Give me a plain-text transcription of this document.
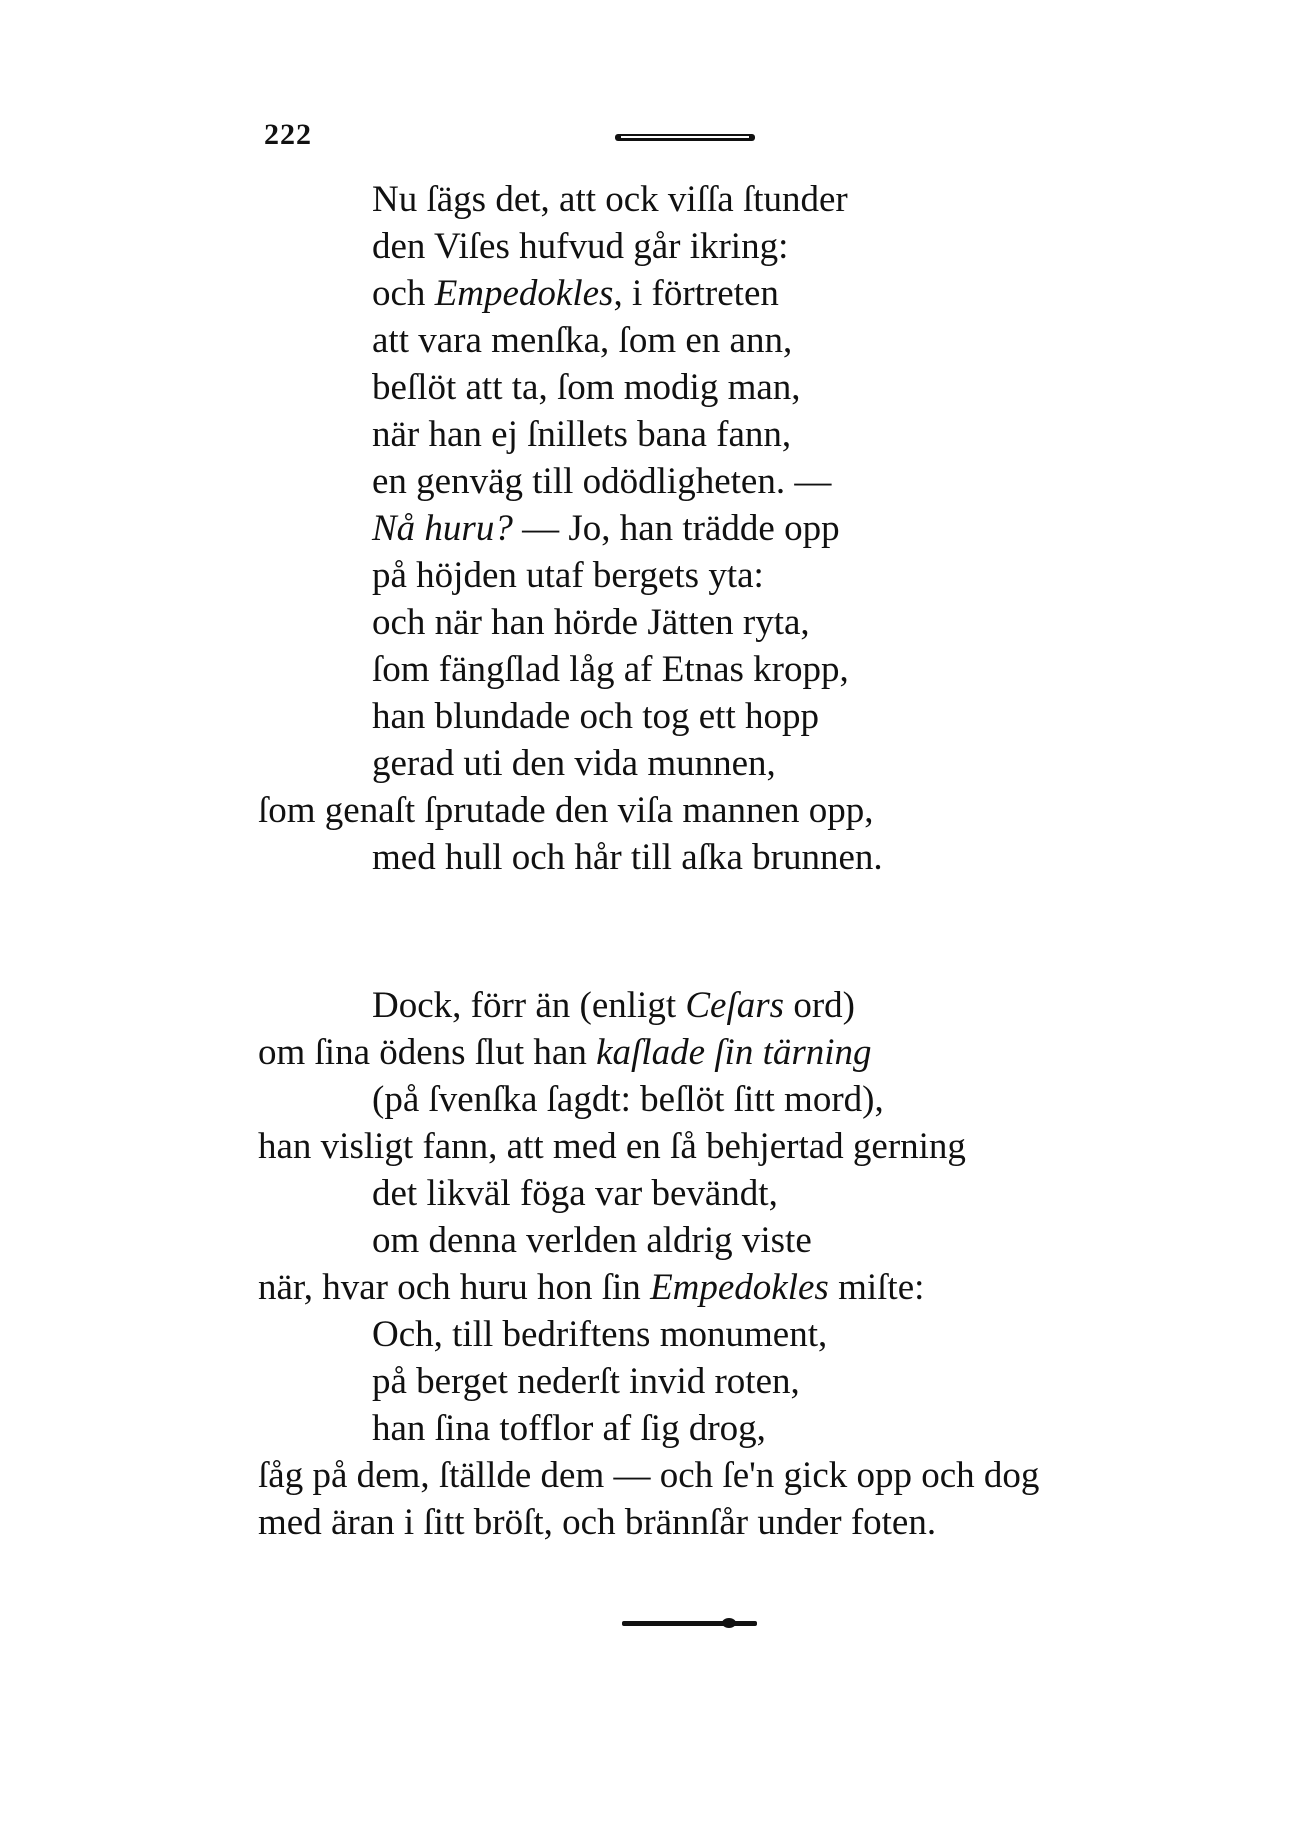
222
Nu ſägs det, att ock viſſa ſtunder
den Viſes hufvud går ikring:
och Empedokles, i förtreten
att vara menſka, ſom en ann,
beſlöt att ta, ſom modig man,
när han ej ſnillets bana fann,
en genväg till odödligheten. —
Nå huru? — Jo, han trädde opp
på höjden utaf bergets yta:
och när han hörde Jätten ryta,
ſom fängſlad låg af Etnas kropp,
han blundade och tog ett hopp
gerad uti den vida munnen,
ſom genaſt ſprutade den viſa mannen opp,
med hull och hår till aſka brunnen.
Dock, förr än (enligt Ceſars ord)
om ſina ödens ſlut han kaſlade ſin tärning
(på ſvenſka ſagdt: beſlöt ſitt mord),
han visligt fann, att med en ſå behjertad gerning
det likväl föga var bevändt,
om denna verlden aldrig viste
när, hvar och huru hon ſin Empedokles miſte:
Och, till bedriftens monument,
på berget nederſt invid roten,
han ſina tofflor af ſig drog,
ſåg på dem, ſtällde dem — och ſe'n gick opp och dog
med äran i ſitt bröſt, och brännſår under foten.
